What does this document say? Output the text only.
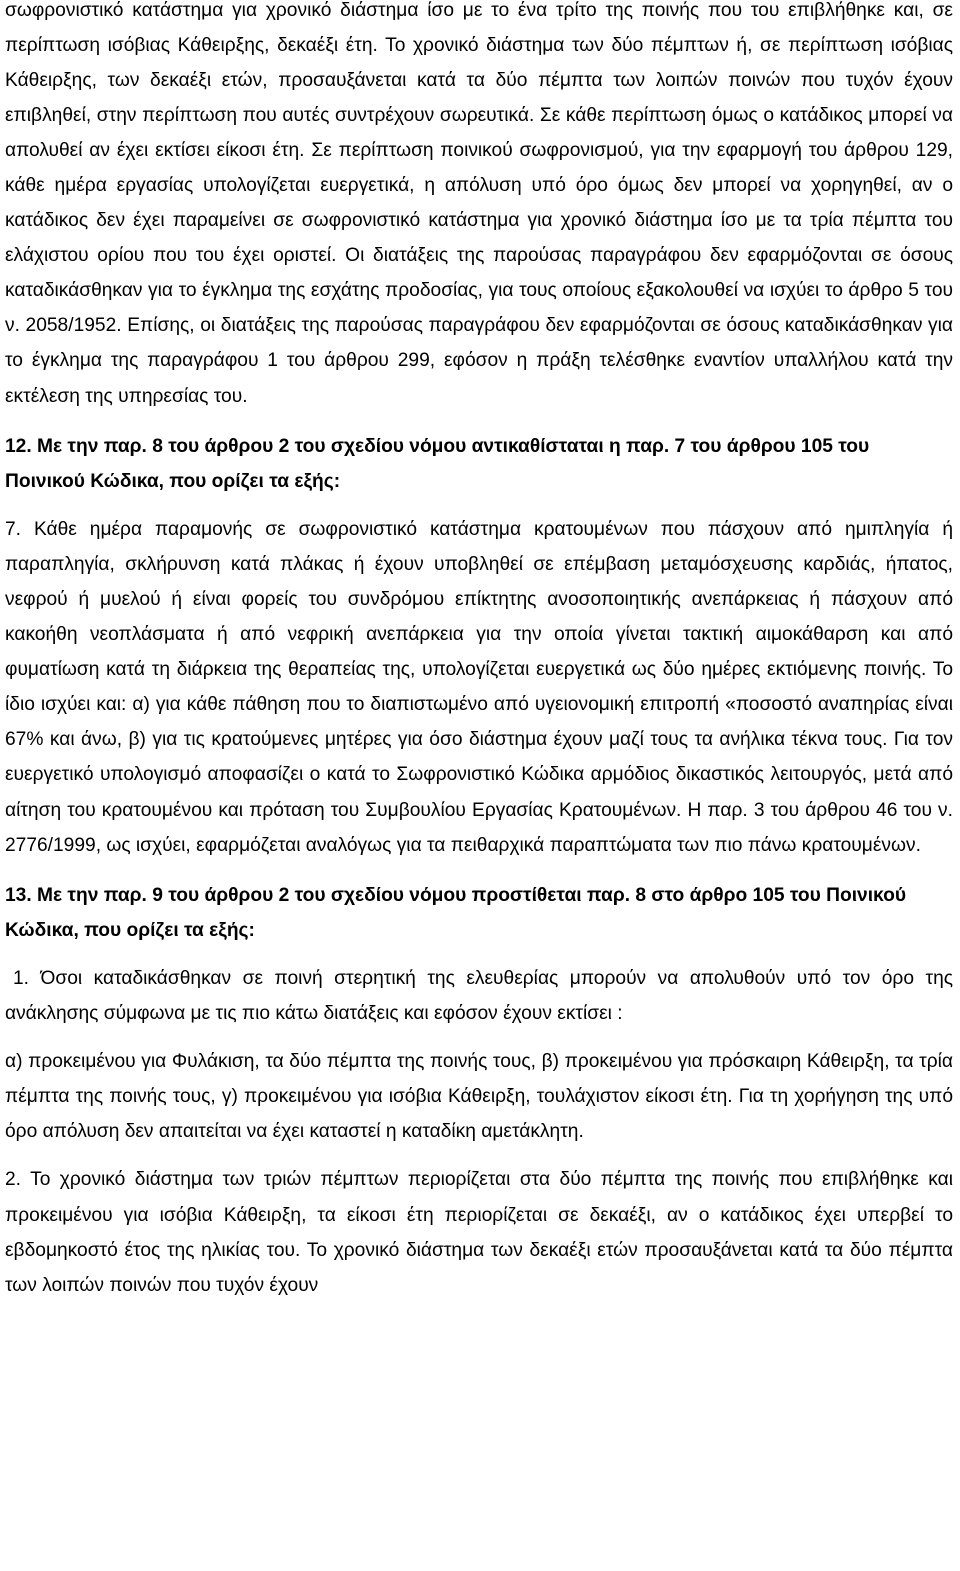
σωφρονιστικό κατάστημα για χρονικό διάστημα ίσο με το ένα τρίτο της ποινής που του επιβλήθηκε και, σε περίπτωση ισόβιας Κάθειρξης, δεκαέξι έτη. Το χρονικό διάστημα των δύο πέμπτων ή, σε περίπτωση ισόβιας Κάθειρξης, των δεκαέξι ετών, προσαυξάνεται κατά τα δύο πέμπτα των λοιπών ποινών που τυχόν έχουν επιβληθεί, στην περίπτωση που αυτές συντρέχουν σωρευτικά. Σε κάθε περίπτωση όμως ο κατάδικος μπορεί να απολυθεί αν έχει εκτίσει είκοσι έτη. Σε περίπτωση ποινικού σωφρονισμού, για την εφαρμογή του άρθρου 129, κάθε ημέρα εργασίας υπολογίζεται ευεργετικά, η απόλυση υπό όρο όμως δεν μπορεί να χορηγηθεί, αν ο κατάδικος δεν έχει παραμείνει σε σωφρονιστικό κατάστημα για χρονικό διάστημα ίσο με τα τρία πέμπτα του ελάχιστου ορίου που του έχει οριστεί. Οι διατάξεις της παρούσας παραγράφου δεν εφαρμόζονται σε όσους καταδικάσθηκαν για το έγκλημα της εσχάτης προδοσίας, για τους οποίους εξακολουθεί να ισχύει το άρθρο 5 του ν. 2058/1952. Επίσης, οι διατάξεις της παρούσας παραγράφου δεν εφαρμόζονται σε όσους καταδικάσθηκαν για το έγκλημα της παραγράφου 1 του άρθρου 299, εφόσον η πράξη τελέσθηκε εναντίον υπαλλήλου κατά την εκτέλεση της υπηρεσίας του.

12. Με την παρ. 8 του άρθρου 2 του σχεδίου νόμου αντικαθίσταται η παρ. 7 του άρθρου 105 του Ποινικού Κώδικα, που ορίζει τα εξής:

7. Κάθε ημέρα παραμονής σε σωφρονιστικό κατάστημα κρατουμένων που πάσχουν από ημιπληγία ή παραπληγία, σκλήρυνση κατά πλάκας ή έχουν υποβληθεί σε επέμβαση μεταμόσχευσης καρδιάς, ήπατος, νεφρού ή μυελού ή είναι φορείς του συνδρόμου επίκτητης ανοσοποιητικής ανεπάρκειας ή πάσχουν από κακοήθη νεοπλάσματα ή από νεφρική ανεπάρκεια για την οποία γίνεται τακτική αιμοκάθαρση και από φυματίωση κατά τη διάρκεια της θεραπείας της, υπολογίζεται ευεργετικά ως δύο ημέρες εκτιόμενης ποινής. Το ίδιο ισχύει και: α) για κάθε πάθηση που το διαπιστωμένο από υγειονομική επιτροπή «ποσοστό αναπηρίας είναι 67% και άνω, β) για τις κρατούμενες μητέρες για όσο διάστημα έχουν μαζί τους τα ανήλικα τέκνα τους. Για τον ευεργετικό υπολογισμό αποφασίζει ο κατά το Σωφρονιστικό Κώδικα αρμόδιος δικαστικός λειτουργός, μετά από αίτηση του κρατουμένου και πρόταση του Συμβουλίου Εργασίας Κρατουμένων. Η παρ. 3 του άρθρου 46 του ν. 2776/1999, ως ισχύει, εφαρμόζεται αναλόγως για τα πειθαρχικά παραπτώματα των πιο πάνω κρατουμένων.

13. Με την παρ. 9 του άρθρου 2 του σχεδίου νόμου προστίθεται παρ. 8 στο άρθρο 105 του Ποινικού Κώδικα, που ορίζει τα εξής:

1. Όσοι καταδικάσθηκαν σε ποινή στερητική της ελευθερίας μπορούν να απολυθούν υπό τον όρο της ανάκλησης σύμφωνα με τις πιο κάτω διατάξεις και εφόσον έχουν εκτίσει :

α) προκειμένου για Φυλάκιση, τα δύο πέμπτα της ποινής τους, β) προκειμένου για πρόσκαιρη Κάθειρξη, τα τρία πέμπτα της ποινής τους, γ) προκειμένου για ισόβια Κάθειρξη, τουλάχιστον είκοσι έτη. Για τη χορήγηση της υπό όρο απόλυση δεν απαιτείται να έχει καταστεί η καταδίκη αμετάκλητη.

2. Το χρονικό διάστημα των τριών πέμπτων περιορίζεται στα δύο πέμπτα της ποινής που επιβλήθηκε και προκειμένου για ισόβια Κάθειρξη, τα είκοσι έτη περιορίζεται σε δεκαέξι, αν ο κατάδικος έχει υπερβεί το εβδομηκοστό έτος της ηλικίας του. Το χρονικό διάστημα των δεκαέξι ετών προσαυξάνεται κατά τα δύο πέμπτα των λοιπών ποινών που τυχόν έχουν
